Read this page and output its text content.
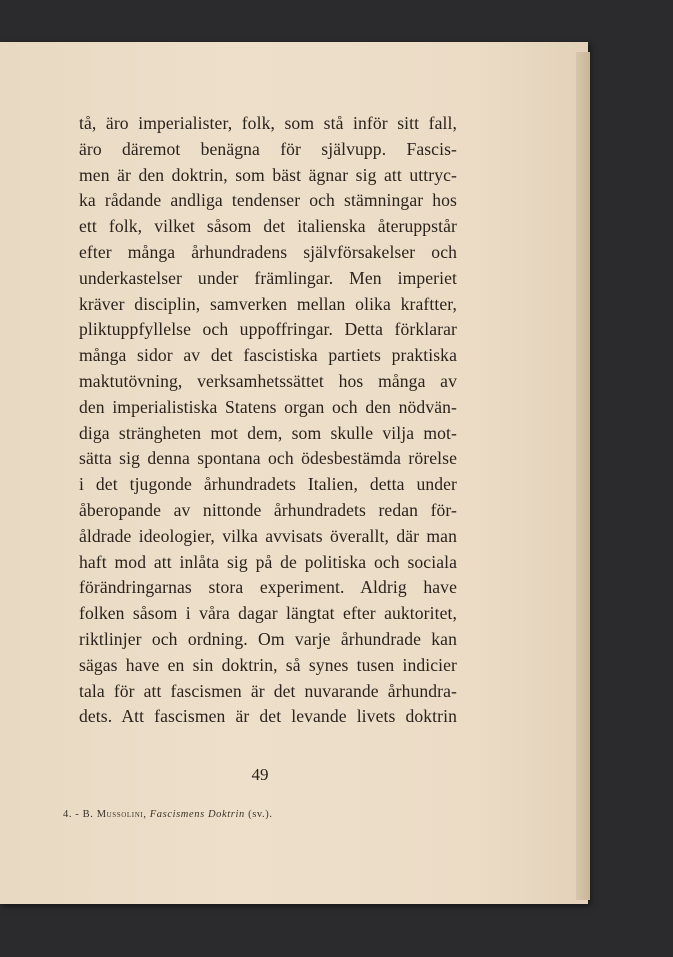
tå, äro imperialister, folk, som stå inför sitt fall,
äro däremot benägna för självupp. Fascis-
men är den doktrin, som bäst ägnar sig att uttryc-
ka rådande andliga tendenser och stämningar hos
ett folk, vilket såsom det italienska återuppstår
efter många århundradens självförsakelser och
underkastelser under främlingar. Men imperiet
kräver disciplin, samverken mellan olika kraftter,
pliktuppfyllelse och uppoffringar. Detta förklarar
många sidor av det fascistiska partiets praktiska
maktutövning, verksamhetssättet hos många av
den imperialistiska Statens organ och den nödvän-
diga strängheten mot dem, som skulle vilja mot-
sätta sig denna spontana och ödesbestämda rörelse
i det tjugonde århundradets Italien, detta under
åberopande av nittonde århundradets redan för-
åldrade ideologier, vilka avvisats överallt, där man
haft mod att inlåta sig på de politiska och sociala
förändringarnas stora experiment. Aldrig have
folken såsom i våra dagar längtat efter auktoritet,
riktlinjer och ordning. Om varje århundrade kan
sägas have en sin doktrin, så synes tusen indicier
tala för att fascismen är det nuvarande århundra-
dets. Att fascismen är det levande livets doktrin
49
4. - B. Mussolini, Fascismens Doktrin (sv.).
